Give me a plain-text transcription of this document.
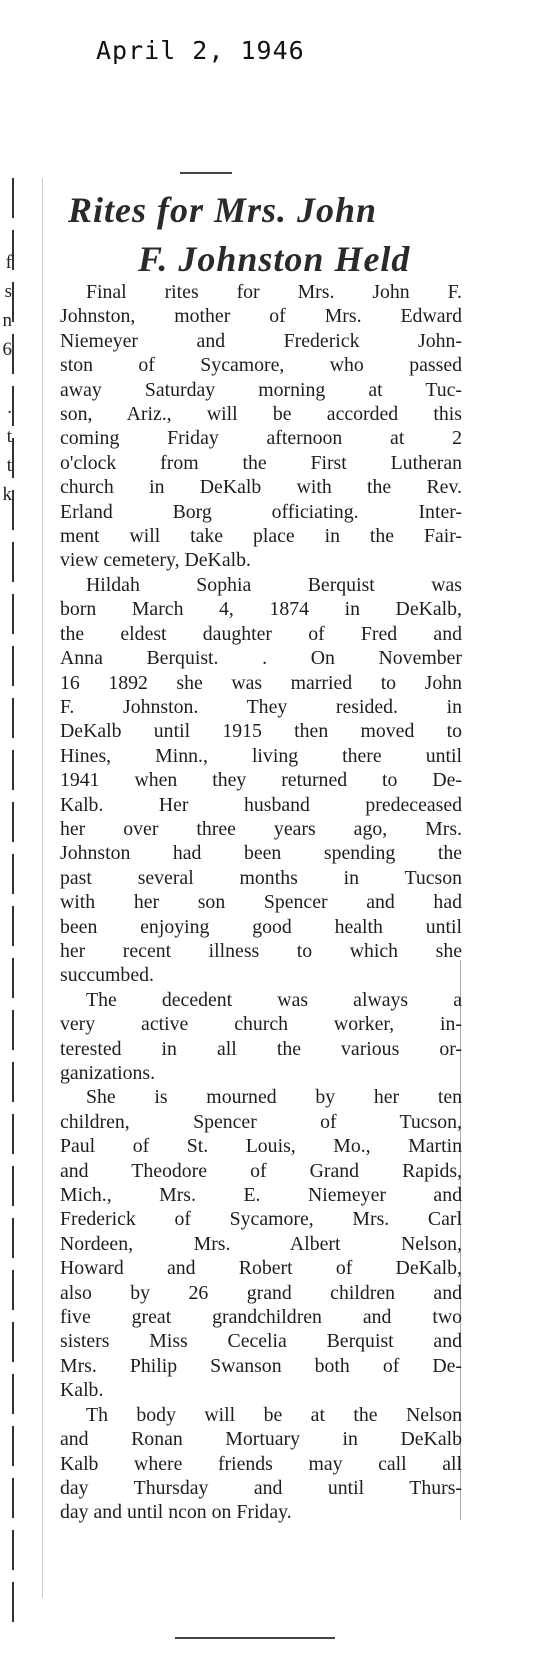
April 2, 1946
f
s
n
6
.
t
t
k
Rites for Mrs. John
F. Johnston Held
Final rites for Mrs. John F.
Johnston, mother of Mrs. Edward
Niemeyer and Frederick John-
ston of Sycamore, who passed
away Saturday morning at Tuc-
son, Ariz., will be accorded this
coming Friday afternoon at 2
o'clock from the First Lutheran
church in DeKalb with the Rev.
Erland Borg officiating. Inter-
ment will take place in the Fair-
view cemetery, DeKalb.
Hildah Sophia Berquist was
born March 4, 1874 in DeKalb,
the eldest daughter of Fred and
Anna Berquist. . On November
16 1892 she was married to John
F. Johnston. They resided. in
DeKalb until 1915 then moved to
Hines, Minn., living there until
1941 when they returned to De-
Kalb. Her husband predeceased
her over three years ago, Mrs.
Johnston had been spending the
past several months in Tucson
with her son Spencer and had
been enjoying good health until
her recent illness to which she
succumbed.
The decedent was always a
very active church worker, in-
terested in all the various or-
ganizations.
She is mourned by her ten
children, Spencer of Tucson,
Paul of St. Louis, Mo., Martin
and Theodore of Grand Rapids,
Mich., Mrs. E. Niemeyer and
Frederick of Sycamore, Mrs. Carl
Nordeen, Mrs. Albert Nelson,
Howard and Robert of DeKalb,
also by 26 grand children and
five great grandchildren and two
sisters Miss Cecelia Berquist and
Mrs. Philip Swanson both of De-
Kalb.
Th body will be at the Nelson
and Ronan Mortuary in DeKalb
Kalb where friends may call all
day Thursday and until Thurs-
day and until ncon on Friday.
